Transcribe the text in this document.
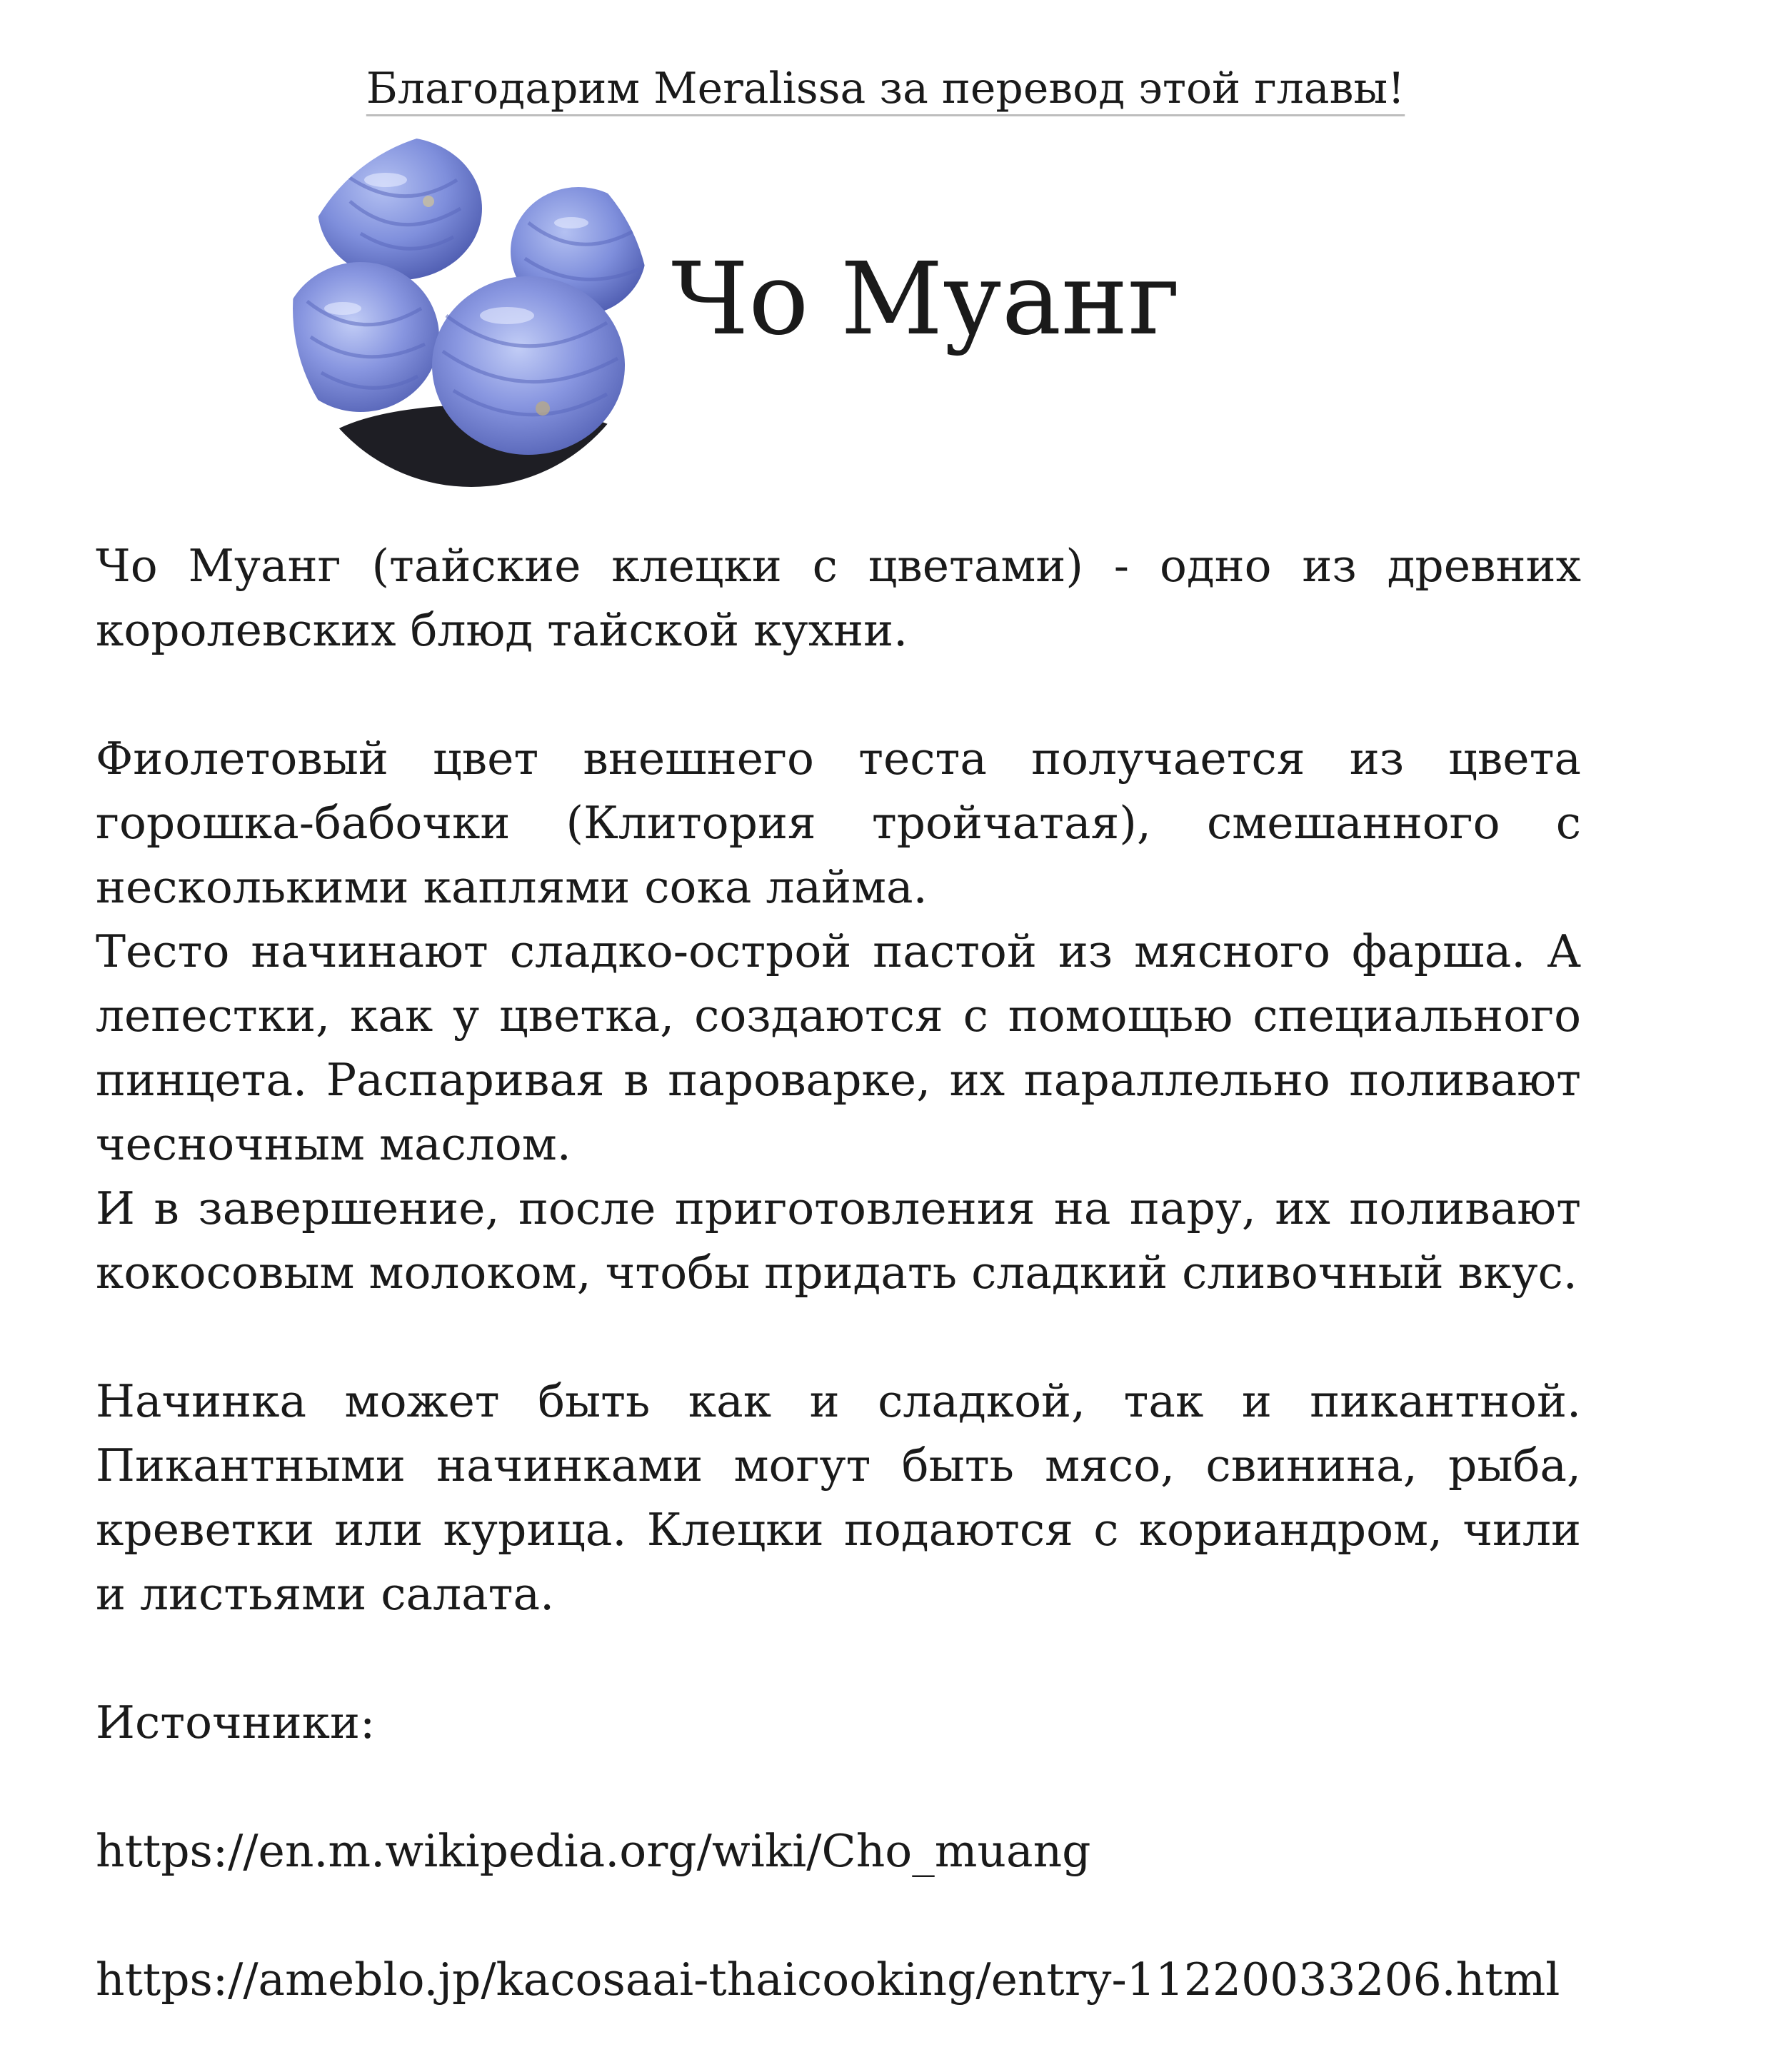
Благодарим Meralissa за перевод этой главы!
Чо Муанг

Чо Муанг (тайские клецки с цветами) - одно из древних королевских блюд тайской кухни.

Фиолетовый цвет внешнего теста получается из цвета горошка-бабочки (Клитория тройчатая), смешанного с несколькими каплями сока лайма.

Тесто начинают сладко-острой пастой из мясного фарша. А лепестки, как у цветка, создаются с помощью специального пинцета. Распаривая в пароварке, их параллельно поливают чесночным маслом.

И в завершение, после приготовления на пару, их поливают кокосовым молоком, чтобы придать сладкий сливочный вкус.

Начинка может быть как и сладкой, так и пикантной. Пикантными начинками могут быть мясо, свинина, рыба, креветки или курица. Клецки подаются с кориандром, чили и листьями салата.

Источники:

https://en.m.wikipedia.org/wiki/Cho_muang

https://ameblo.jp/kacosaai-thaicooking/entry-11220033206.html
